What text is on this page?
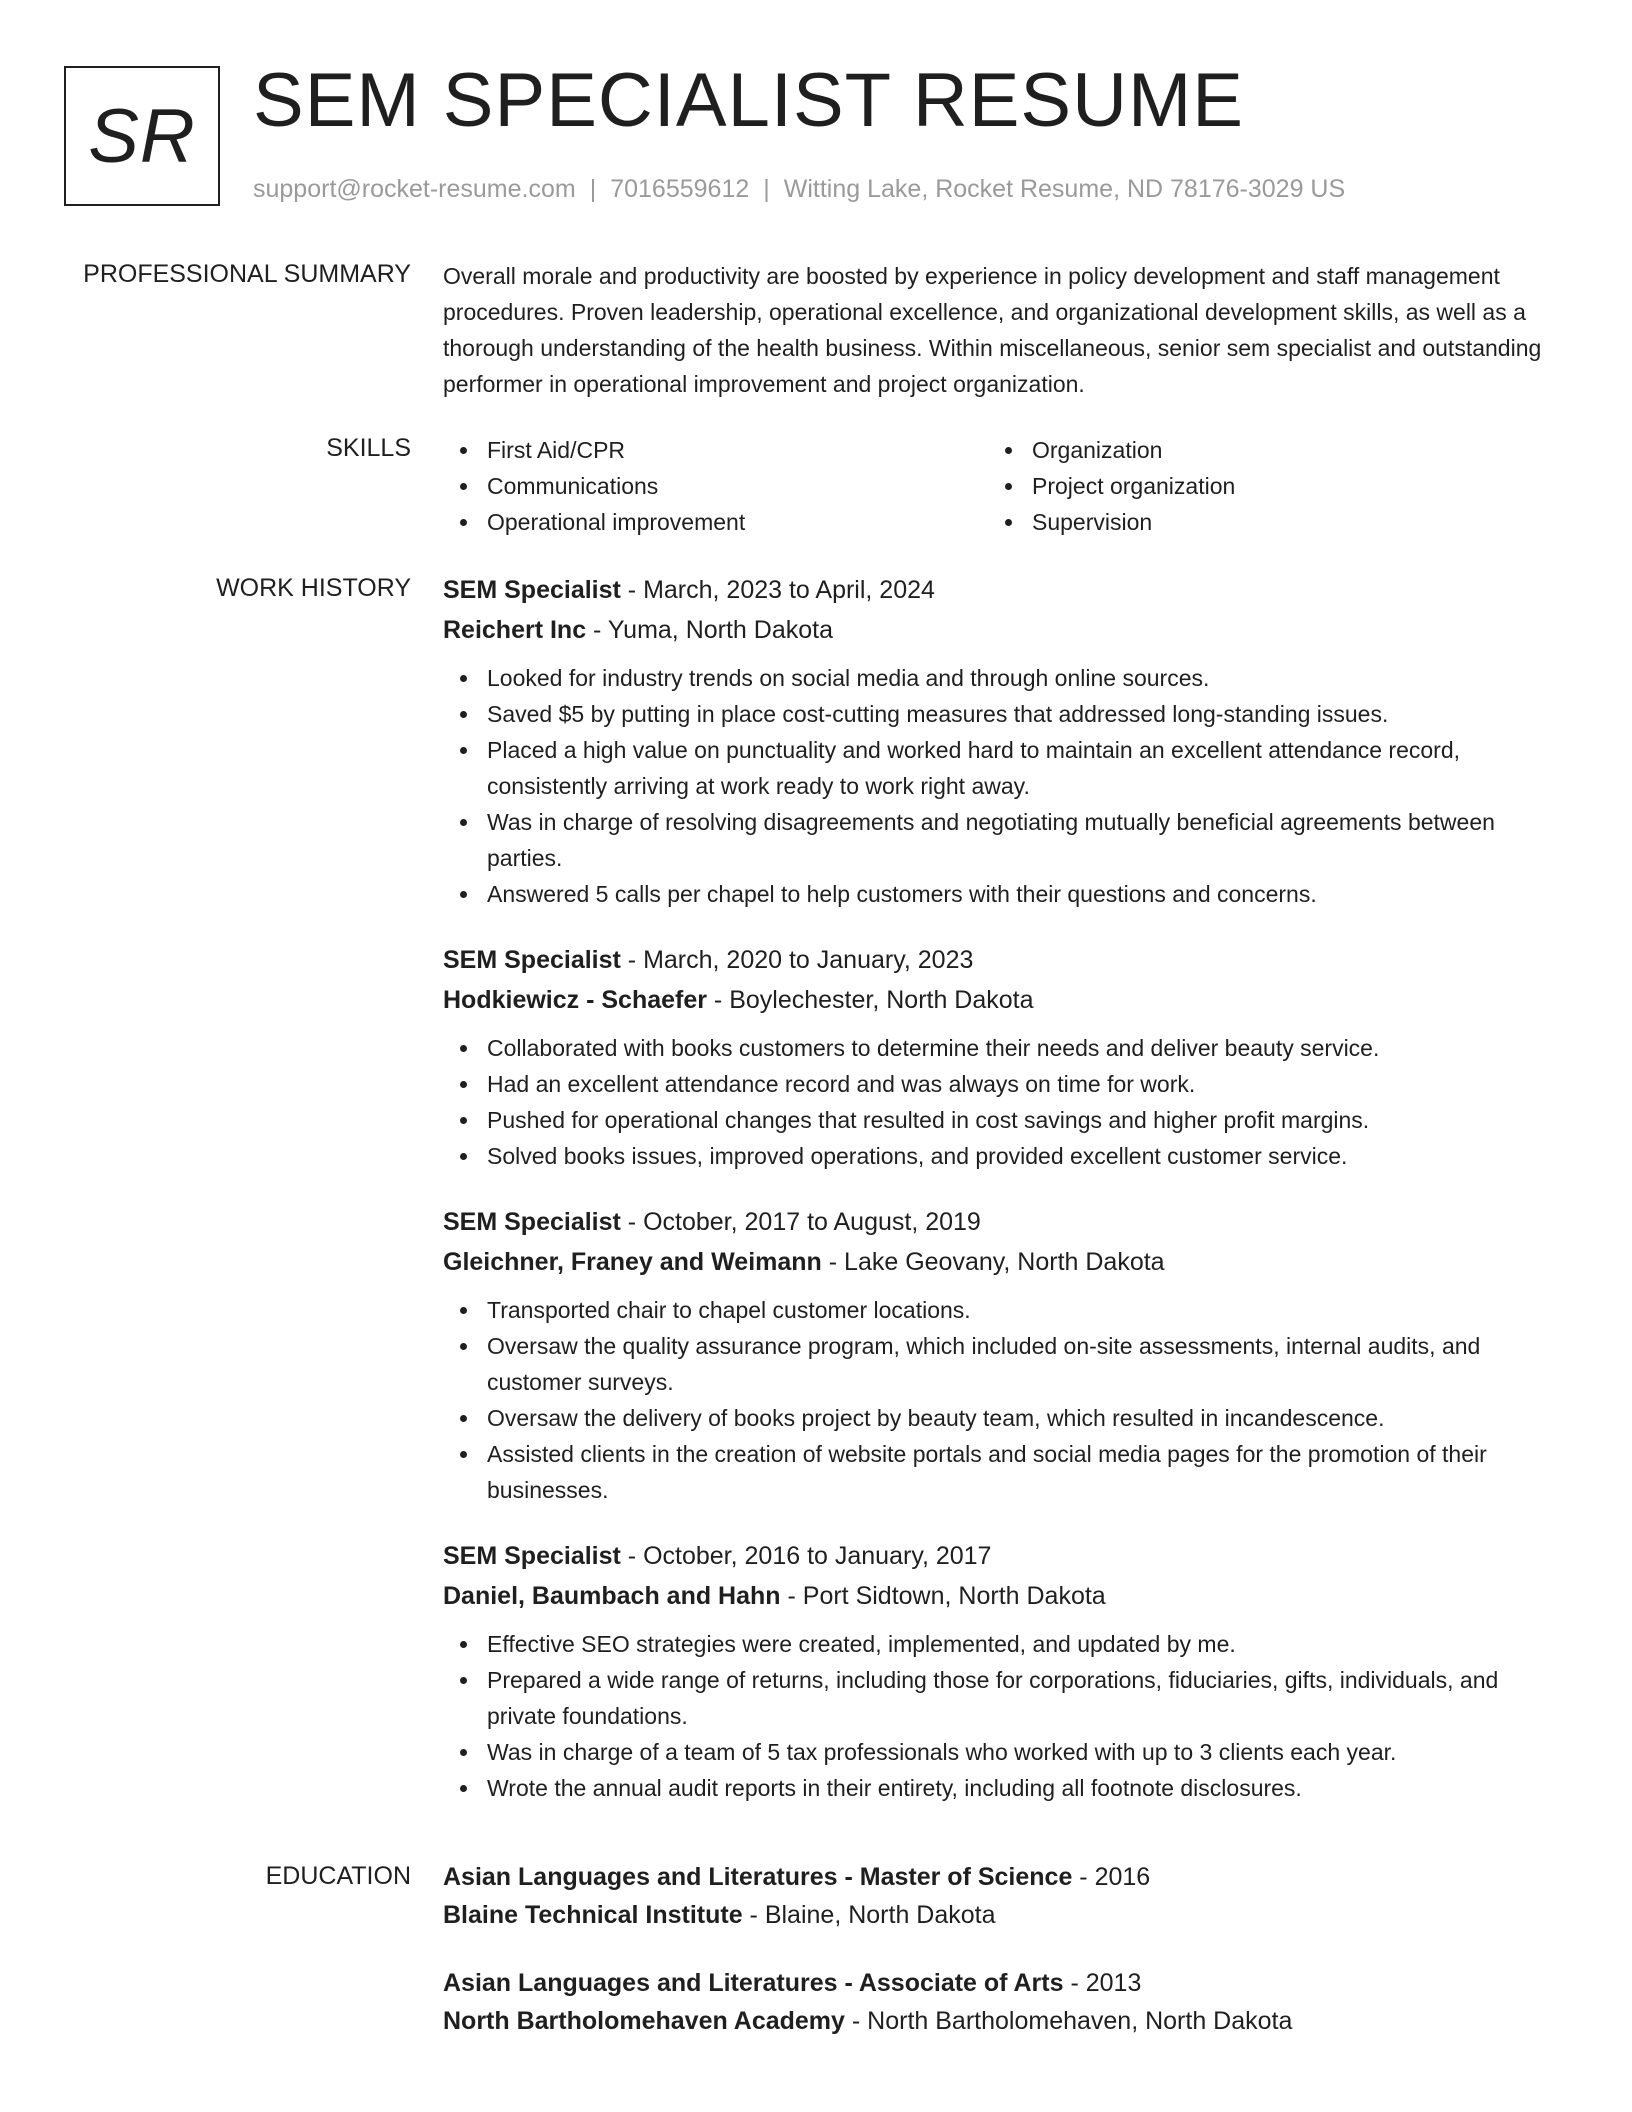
SR SEM SPECIALIST RESUME
support@rocket-resume.com | 7016559612 | Witting Lake, Rocket Resume, ND 78176-3029 US
PROFESSIONAL SUMMARY Overall morale and productivity are boosted by experience in policy development and staff management procedures. Proven leadership, operational excellence, and organizational development skills, as well as a thorough understanding of the health business. Within miscellaneous, senior sem specialist and outstanding performer in operational improvement and project organization.

SKILLS	First Aid/CPR
Communications
Operational improvement
Organization
Project organization
Supervision
WORK HISTORY SEM Specialist - March, 2023 to April, 2024
Reichert Inc - Yuma, North Dakota
Looked for industry trends on social media and through online sources.
Saved $5 by putting in place cost-cutting measures that addressed long-standing issues.
Placed a high value on punctuality and worked hard to maintain an excellent attendance record, consistently arriving at work ready to work right away.
Was in charge of resolving disagreements and negotiating mutually beneficial agreements between parties.
Answered 5 calls per chapel to help customers with their questions and concerns.
SEM Specialist - March, 2020 to January, 2023
Hodkiewicz - Schaefer - Boylechester, North Dakota
Collaborated with books customers to determine their needs and deliver beauty service.
Had an excellent attendance record and was always on time for work.
Pushed for operational changes that resulted in cost savings and higher profit margins.
Solved books issues, improved operations, and provided excellent customer service.
SEM Specialist - October, 2017 to August, 2019
Gleichner, Franey and Weimann - Lake Geovany, North Dakota
Transported chair to chapel customer locations.
Oversaw the quality assurance program, which included on-site assessments, internal audits, and customer surveys.
Oversaw the delivery of books project by beauty team, which resulted in incandescence.
Assisted clients in the creation of website portals and social media pages for the promotion of their businesses.
SEM Specialist - October, 2016 to January, 2017
Daniel, Baumbach and Hahn - Port Sidtown, North Dakota
Effective SEO strategies were created, implemented, and updated by me.
Prepared a wide range of returns, including those for corporations, fiduciaries, gifts, individuals, and private foundations.
Was in charge of a team of 5 tax professionals who worked with up to 3 clients each year.
Wrote the annual audit reports in their entirety, including all footnote disclosures.
EDUCATION Asian Languages and Literatures - Master of Science - 2016
Blaine Technical Institute - Blaine, North Dakota
Asian Languages and Literatures - Associate of Arts - 2013
North Bartholomehaven Academy - North Bartholomehaven, North Dakota
